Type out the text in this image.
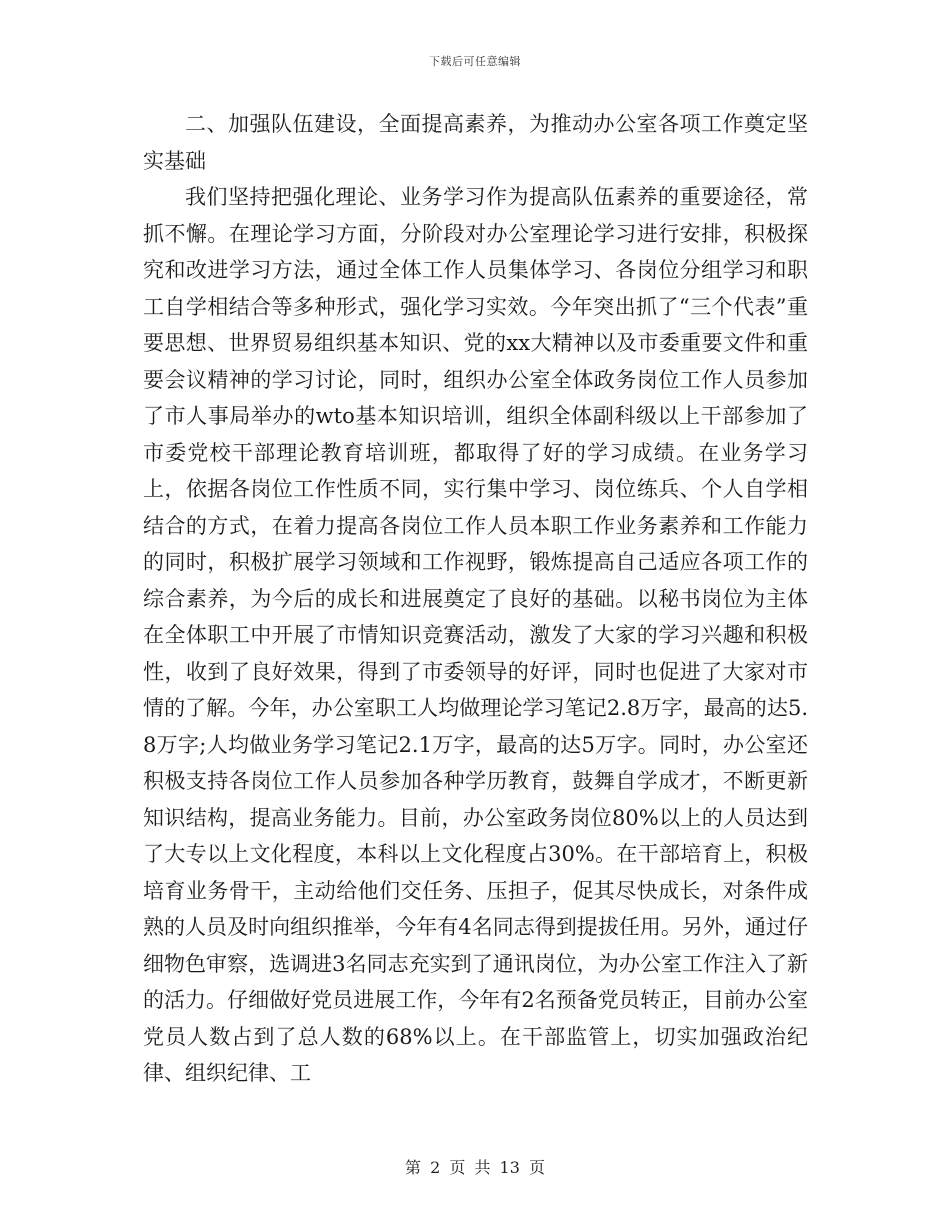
下载后可任意编辑

二、加强队伍建设，全面提高素养，为推动办公室各项工作奠定坚实基础

我们坚持把强化理论、业务学习作为提高队伍素养的重要途径，常抓不懈。在理论学习方面，分阶段对办公室理论学习进行安排，积极探究和改进学习方法，通过全体工作人员集体学习、各岗位分组学习和职工自学相结合等多种形式，强化学习实效。今年突出抓了“三个代表”重要思想、世界贸易组织基本知识、党的xx大精神以及市委重要文件和重要会议精神的学习讨论，同时，组织办公室全体政务岗位工作人员参加了市人事局举办的wto基本知识培训，组织全体副科级以上干部参加了市委党校干部理论教育培训班，都取得了好的学习成绩。在业务学习上，依据各岗位工作性质不同，实行集中学习、岗位练兵、个人自学相结合的方式，在着力提高各岗位工作人员本职工作业务素养和工作能力的同时，积极扩展学习领域和工作视野，锻炼提高自己适应各项工作的综合素养，为今后的成长和进展奠定了良好的基础。以秘书岗位为主体在全体职工中开展了市情知识竞赛活动，激发了大家的学习兴趣和积极性，收到了良好效果，得到了市委领导的好评，同时也促进了大家对市情的了解。今年，办公室职工人均做理论学习笔记2.8万字，最高的达5.8万字;人均做业务学习笔记2.1万字，最高的达5万字。同时，办公室还积极支持各岗位工作人员参加各种学历教育，鼓舞自学成才，不断更新知识结构，提高业务能力。目前，办公室政务岗位80%以上的人员达到了大专以上文化程度，本科以上文化程度占30%。在干部培育上，积极培育业务骨干，主动给他们交任务、压担子，促其尽快成长，对条件成熟的人员及时向组织推举，今年有4名同志得到提拔任用。另外，通过仔细物色审察，选调进3名同志充实到了通讯岗位，为办公室工作注入了新的活力。仔细做好党员进展工作，今年有2名预备党员转正，目前办公室党员人数占到了总人数的68%以上。在干部监管上，切实加强政治纪律、组织纪律、工

第 2 页 共 13 页
